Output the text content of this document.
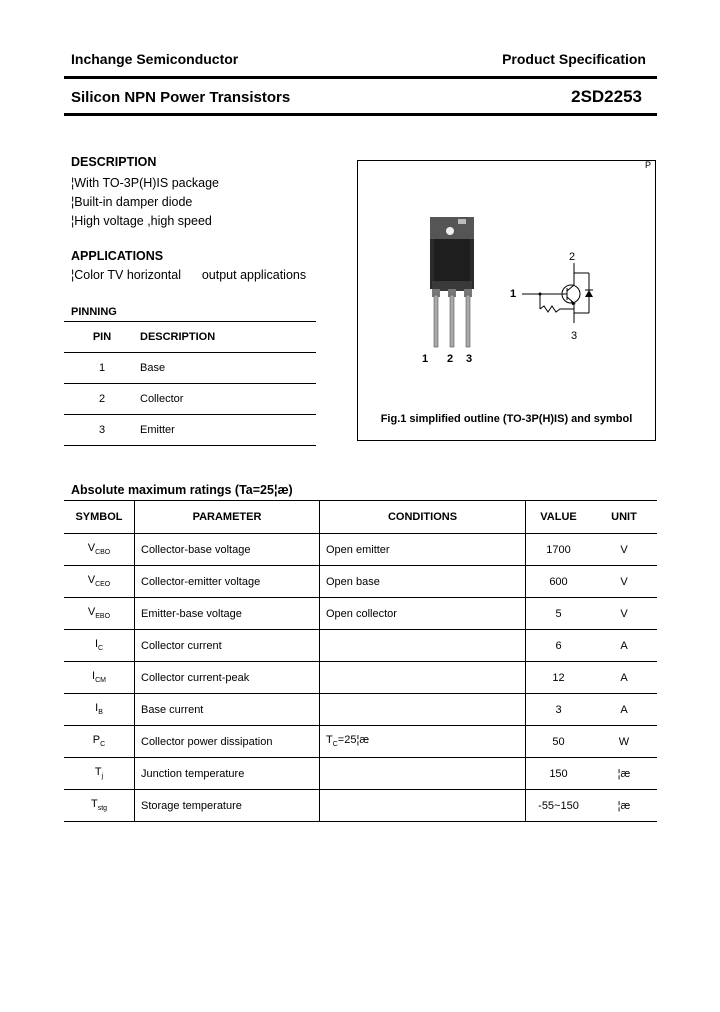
Inchange Semiconductor	Product Specification
Silicon NPN Power Transistors	2SD2253
DESCRIPTION
¦With TO-3P(H)IS package
¦Built-in damper diode
¦High voltage ,high speed
APPLICATIONS
¦Color TV horizontal      output applications
PINNING
PIN	DESCRIPTION
1	Base
2	Collector
3	Emitter
P
1 2 3
1
2
3
Fig.1 simplified outline (TO-3P(H)IS) and symbol
Absolute maximum ratings (Ta=25¦æ)
SYMBOL	PARAMETER	CONDITIONS	VALUE	UNIT
$V_{CBO}$	Collector-base voltage	Open emitter	1700	V
$V_{CEO}$	Collector-emitter voltage	Open base	600	V
$V_{EBO}$	Emitter-base voltage	Open collector	5	V
$I_C$	Collector current		6	A
$I_{CM}$	Collector current-peak		12	A
$I_B$	Base current		3	A
$P_C$	Collector power dissipation	$T_C=25¦æ$	50	W
$T_j$	Junction temperature		150	¦æ
$T_{stg}$	Storage temperature		-55~150	¦æ
